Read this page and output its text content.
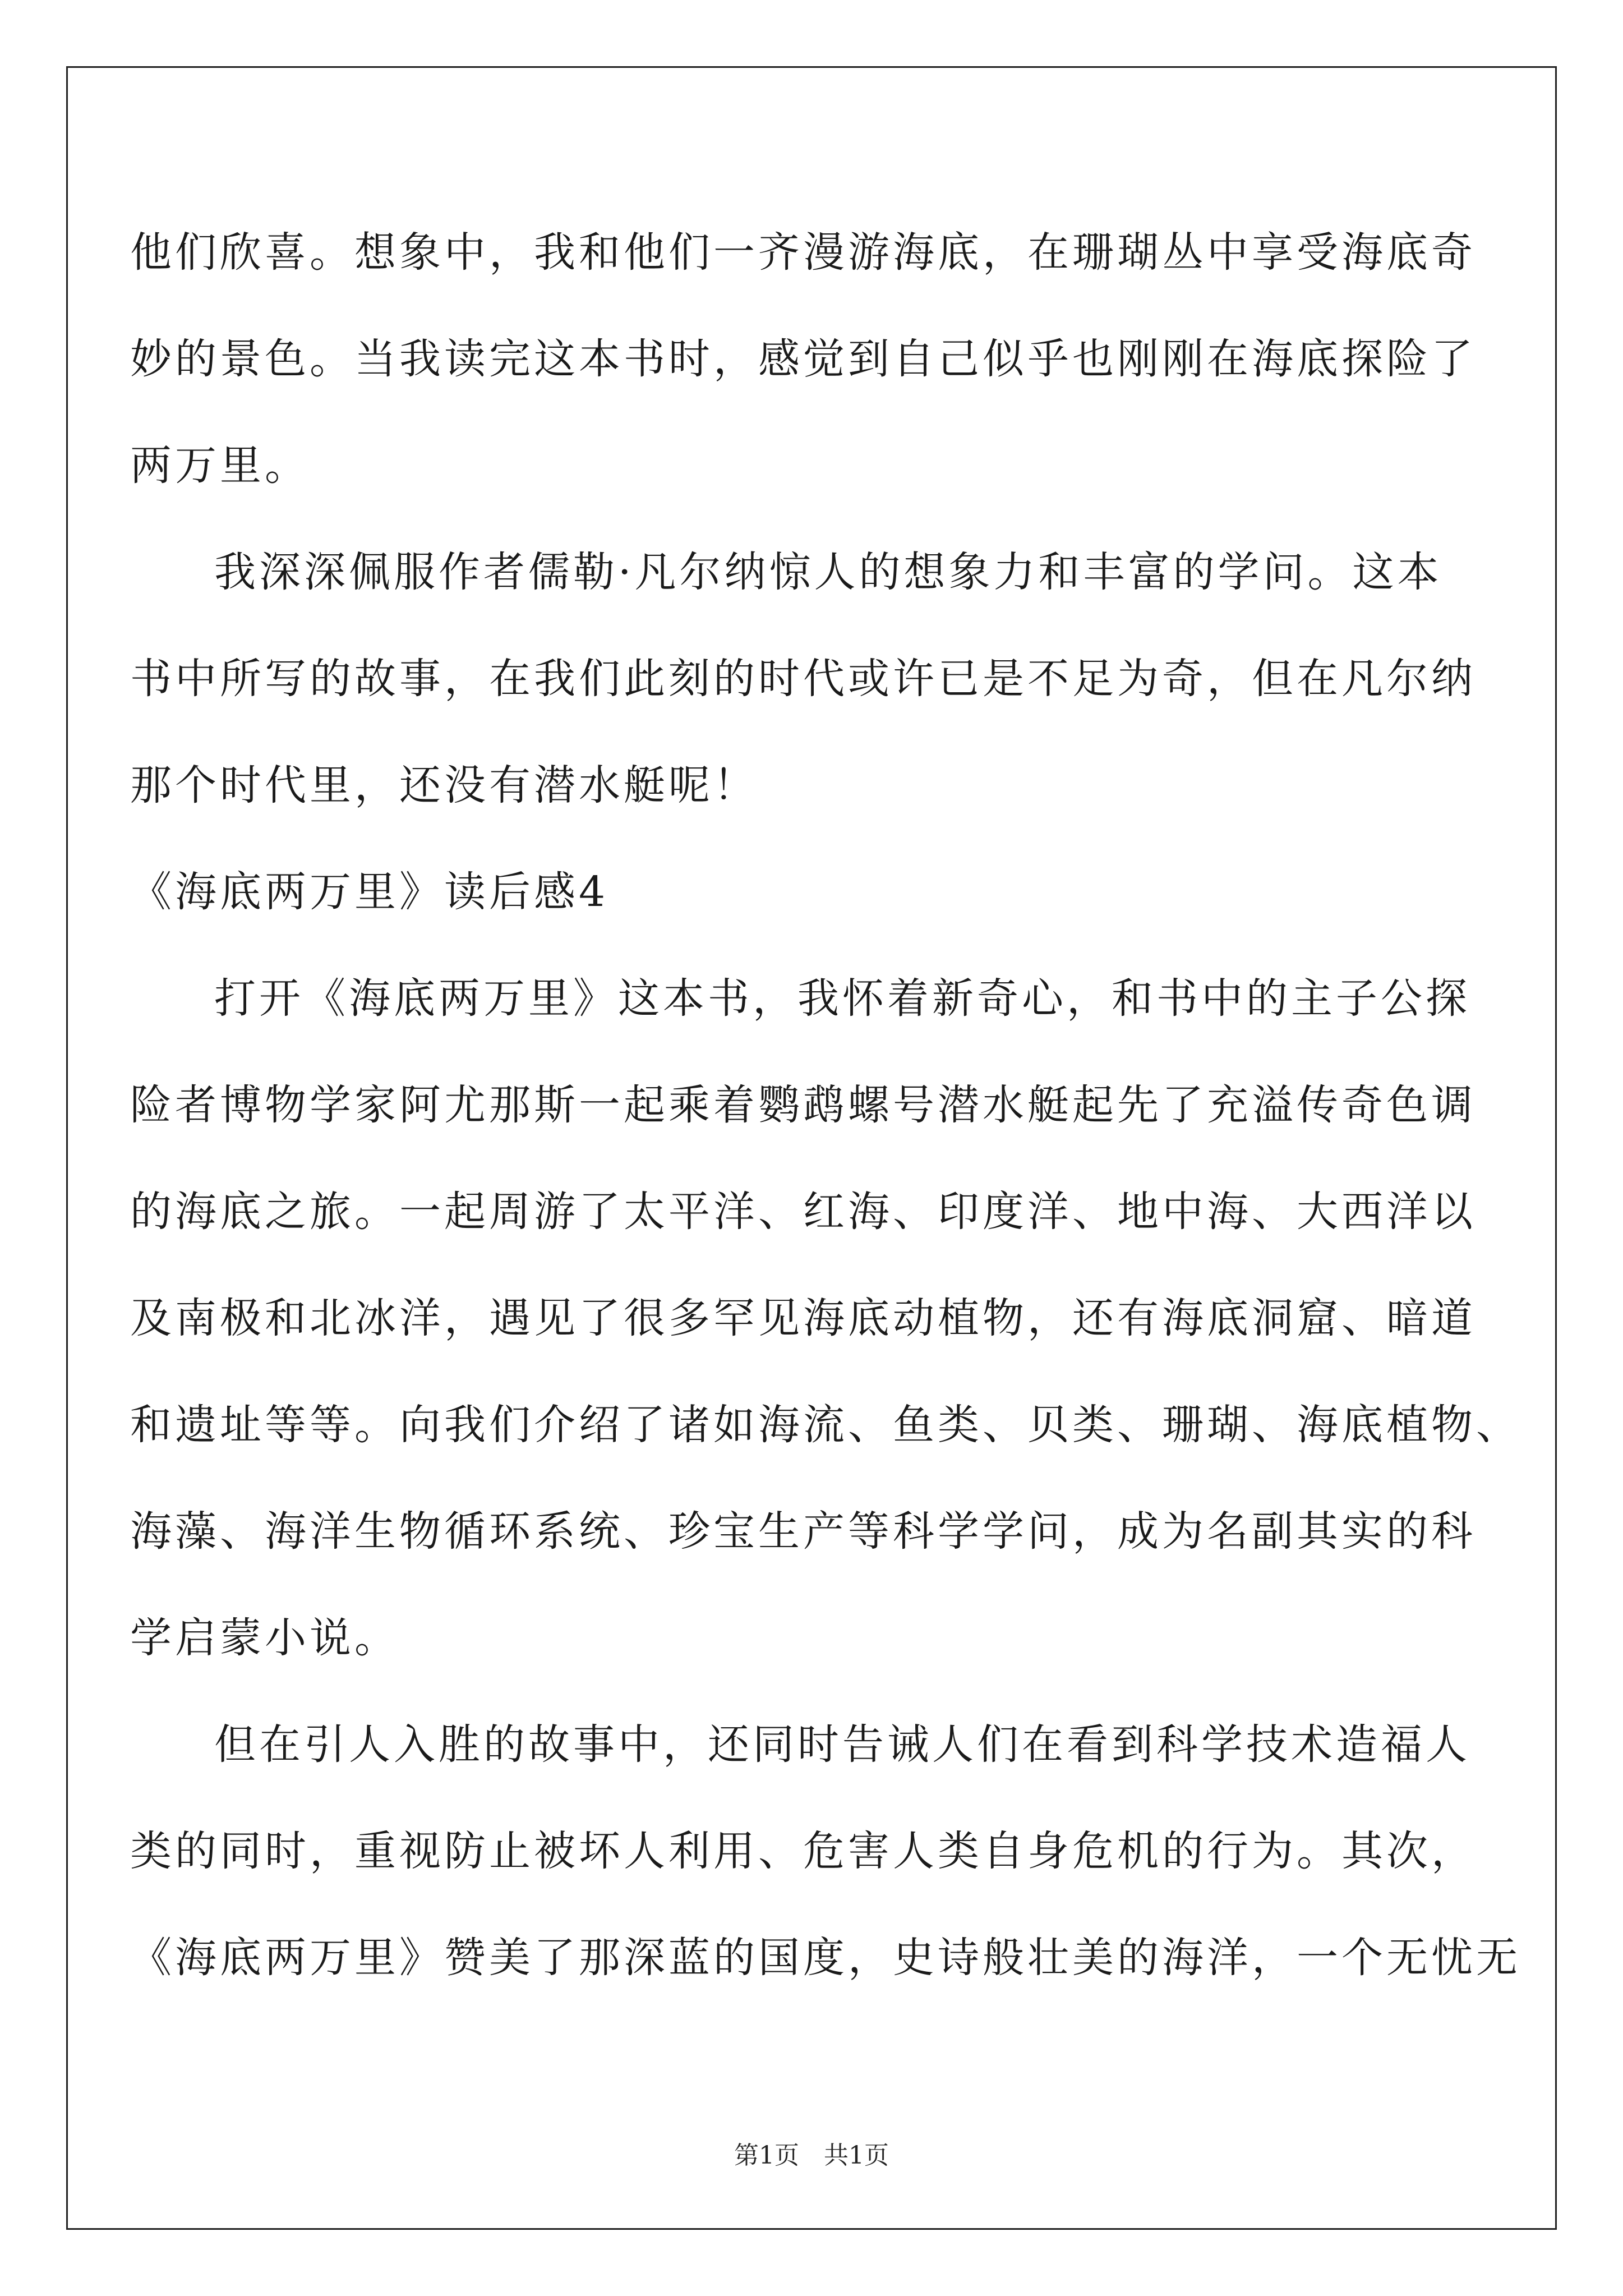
他们欣喜。想象中，我和他们一齐漫游海底，在珊瑚丛中享受海底奇

妙的景色。当我读完这本书时，感觉到自己似乎也刚刚在海底探险了

两万里。

我深深佩服作者儒勒·凡尔纳惊人的想象力和丰富的学问。这本

书中所写的故事，在我们此刻的时代或许已是不足为奇，但在凡尔纳

那个时代里，还没有潜水艇呢！

《海底两万里》读后感4

打开《海底两万里》这本书，我怀着新奇心，和书中的主子公探

险者博物学家阿尤那斯一起乘着鹦鹉螺号潜水艇起先了充溢传奇色调

的海底之旅。一起周游了太平洋、红海、印度洋、地中海、大西洋以

及南极和北冰洋，遇见了很多罕见海底动植物，还有海底洞窟、暗道

和遗址等等。向我们介绍了诸如海流、鱼类、贝类、珊瑚、海底植物、

海藻、海洋生物循环系统、珍宝生产等科学学问，成为名副其实的科

学启蒙小说。

但在引人入胜的故事中，还同时告诫人们在看到科学技术造福人

类的同时，重视防止被坏人利用、危害人类自身危机的行为。其次，

《海底两万里》赞美了那深蓝的国度，史诗般壮美的海洋，一个无忧无

第1页 共1页
